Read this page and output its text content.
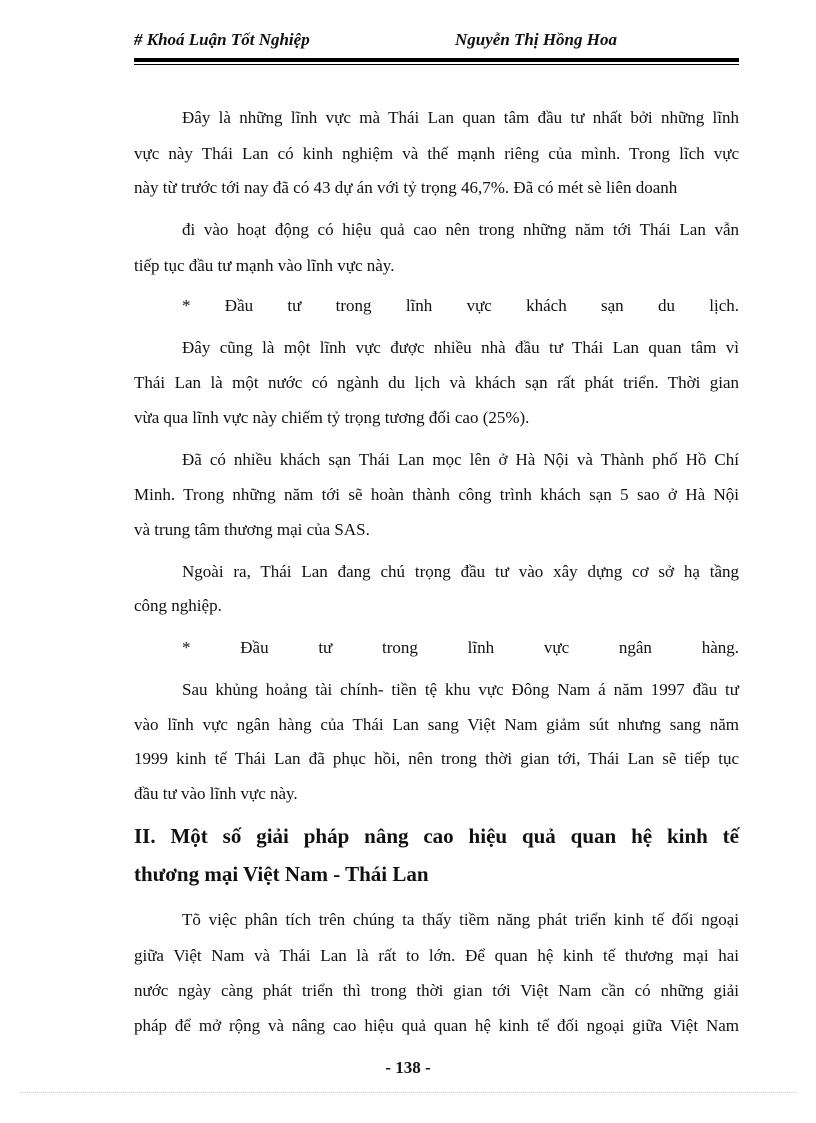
# Khoá Luận Tốt Nghiệp	Nguyễn Thị Hồng Hoa
Đây là những lĩnh vực mà Thái Lan quan tâm đầu tư nhất bởi những lĩnh
vực này Thái Lan có kinh nghiệm và thế mạnh riêng của mình. Trong lĩch vực
này từ trước tới nay đã có 43 dự án với tỷ trọng 46,7%. Đã có mét sè liên doanh
đi vào hoạt động có hiệu quả cao nên trong những năm tới Thái Lan vẫn
tiếp tục đầu tư mạnh vào lĩnh vực này.
* Đầu tư trong lĩnh vực khách sạn du lịch.
Đây cũng là một lĩnh vực được nhiều nhà đầu tư Thái Lan quan tâm vì
Thái Lan là một nước có ngành du lịch và khách sạn rất phát triển. Thời gian
vừa qua lĩnh vực này chiếm tỷ trọng tương đối cao (25%).
Đã có nhiều khách sạn Thái Lan mọc lên ở Hà Nội và Thành phố Hồ Chí
Minh. Trong những năm tới sẽ hoàn thành công trình khách sạn 5 sao ở Hà Nội
và trung tâm thương mại của SAS.
Ngoài ra, Thái Lan đang chú trọng đầu tư vào xây dựng cơ sở hạ tầng
công nghiệp.
* Đầu tư trong lĩnh vực ngân hàng.
Sau khủng hoảng tài chính- tiền tệ khu vực Đông Nam á năm 1997 đầu tư
vào lĩnh vực ngân hàng của Thái Lan sang Việt Nam giảm sút nhưng sang năm
1999 kinh tế Thái Lan đã phục hồi, nên trong thời gian tới, Thái Lan sẽ tiếp tục
đầu tư vào lĩnh vực này.
II. Một số giải pháp nâng cao hiệu quả quan hệ kinh tế
thương mại Việt Nam - Thái Lan
Tõ việc phân tích trên chúng ta thấy tiềm năng phát triển kinh tế đối ngoại
giữa Việt Nam và Thái Lan là rất to lớn. Để quan hệ kinh tế thương mại hai
nước ngày càng phát triển thì trong thời gian tới Việt Nam cần có những giải
pháp để mở rộng và nâng cao hiệu quả quan hệ kinh tế đối ngoại giữa Việt Nam
- 138 -
